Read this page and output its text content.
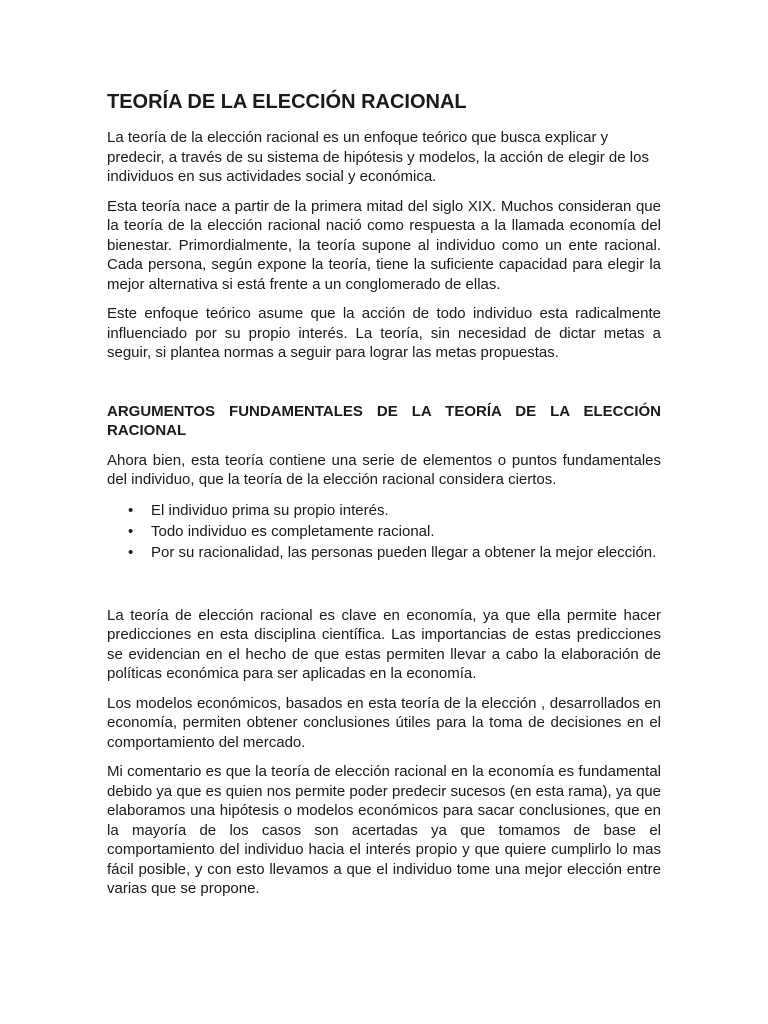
TEORÍA DE LA ELECCIÓN RACIONAL

La teoría de la elección racional es un enfoque teórico que busca explicar y predecir, a través de su sistema de hipótesis y modelos, la acción de elegir de los individuos en sus actividades social y económica.

Esta teoría nace a partir de la primera mitad del siglo XIX. Muchos consideran que la teoría de la elección racional nació como respuesta a la llamada economía del bienestar. Primordialmente, la teoría supone al individuo como un ente racional. Cada persona, según expone la teoría, tiene la suficiente capacidad para elegir la mejor alternativa si está frente a un conglomerado de ellas.

Este enfoque teórico asume que la acción de todo individuo esta radicalmente influenciado por su propio interés. La teoría, sin necesidad de dictar metas a seguir, si plantea normas a seguir para lograr las metas propuestas.

ARGUMENTOS FUNDAMENTALES DE LA TEORÍA DE LA ELECCIÓN RACIONAL

Ahora bien, esta teoría contiene una serie de elementos o puntos fundamentales del individuo, que la teoría de la elección racional considera ciertos.

• El individuo prima su propio interés.
• Todo individuo es completamente racional.
• Por su racionalidad, las personas pueden llegar a obtener la mejor elección.

La teoría de elección racional es clave en economía, ya que ella permite hacer predicciones en esta disciplina científica. Las importancias de estas predicciones se evidencian en el hecho de que estas permiten llevar a cabo la elaboración de políticas económica para ser aplicadas en la economía.

Los modelos económicos, basados en esta teoría de la elección , desarrollados en economía, permiten obtener conclusiones útiles para la toma de decisiones en el comportamiento del mercado.

Mi comentario es que la teoría de elección racional en la economía es fundamental debido ya que es quien nos permite poder predecir sucesos (en esta rama), ya que elaboramos una hipótesis o modelos económicos para sacar conclusiones, que en la mayoría de los casos son acertadas ya que tomamos de base el comportamiento del individuo hacia el interés propio y que quiere cumplirlo lo mas fácil posible, y con esto llevamos a que el individuo tome una mejor elección entre varias que se propone.
